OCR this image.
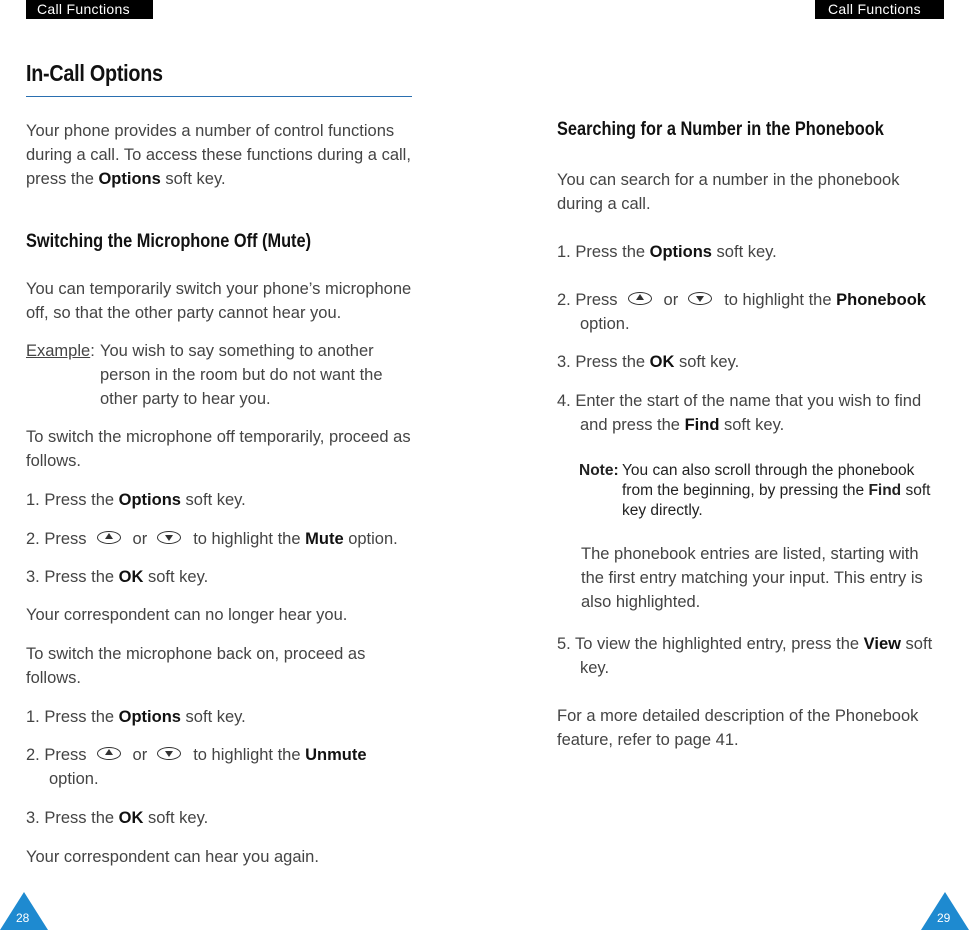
Call Functions	Call Functions
In-Call Options
Your phone provides a number of control functions during a call. To access these functions during a call, press the Options soft key.
Switching the Microphone Off (Mute)
You can temporarily switch your phone’s microphone off, so that the other party cannot hear you.
Example: You wish to say something to another person in the room but do not want the other party to hear you.
To switch the microphone off temporarily, proceed as follows.
1. Press the Options soft key.
2. Press	or	to highlight the Mute option.
3. Press the OK soft key.
Your correspondent can no longer hear you.
To switch the microphone back on, proceed as follows.
1. Press the Options soft key.
2. Press	or	to highlight the Unmute
option.
3. Press the OK soft key.
Your correspondent can hear you again.
28
Searching for a Number in the Phonebook
You can search for a number in the phonebook during a call.
1. Press the Options soft key.
2. Press	or	to highlight the Phonebook
option.
3. Press the OK soft key.
4. Enter the start of the name that you wish to find and press the Find soft key.
Note: You can also scroll through the phonebook from the beginning, by pressing the Find soft key directly.
The phonebook entries are listed, starting with the first entry matching your input. This entry is also highlighted.
5. To view the highlighted entry, press the View soft key.
For a more detailed description of the Phonebook feature, refer to page 41.
29
